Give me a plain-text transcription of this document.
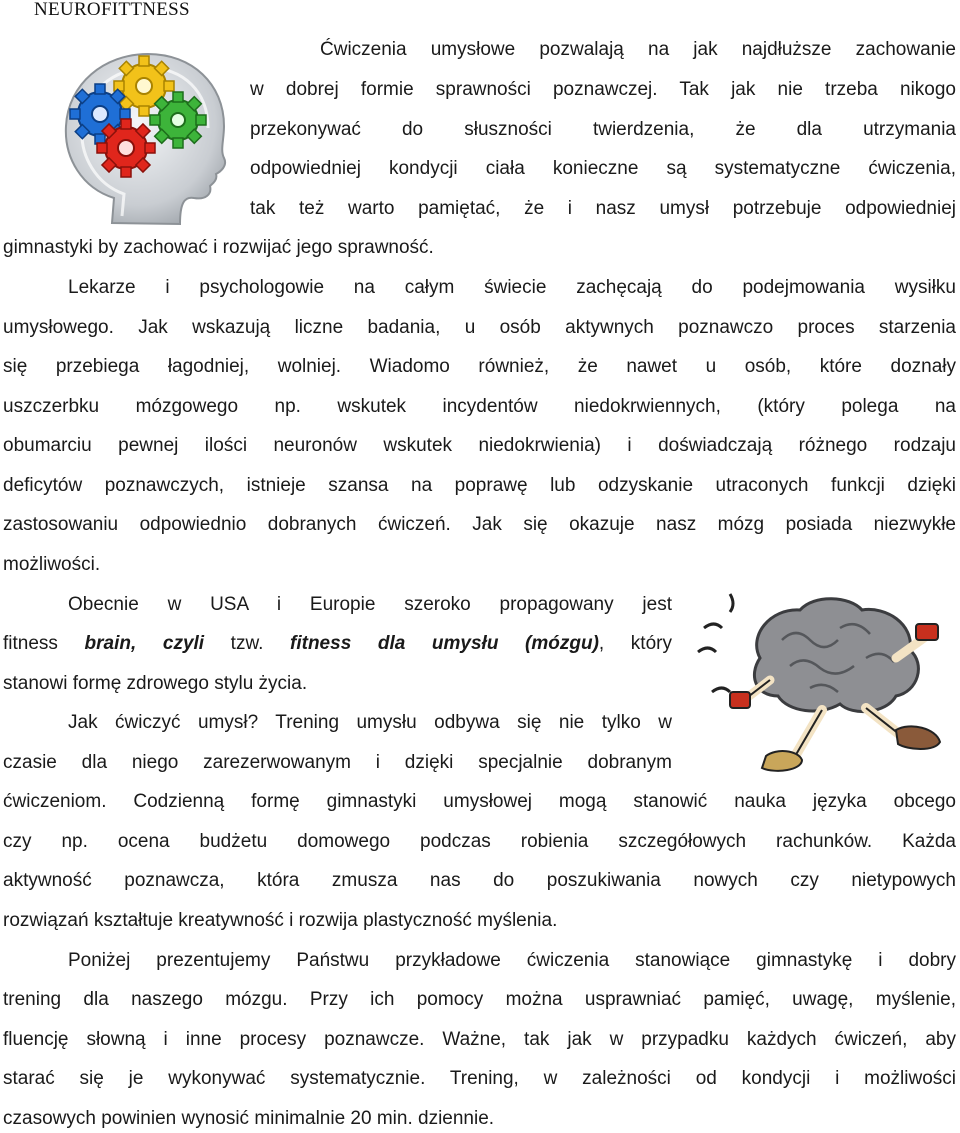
NEUROFITTNESS
Ćwiczenia umysłowe pozwalają na jak najdłuższe zachowanie
w dobrej formie sprawności poznawczej. Tak jak nie trzeba nikogo
przekonywać do słuszności twierdzenia, że dla utrzymania
odpowiedniej kondycji ciała konieczne są systematyczne ćwiczenia,
tak też warto pamiętać, że i nasz umysł potrzebuje odpowiedniej
gimnastyki by zachować i rozwijać jego sprawność.
Lekarze i psychologowie na całym świecie zachęcają do podejmowania wysiłku
umysłowego. Jak wskazują liczne badania, u osób aktywnych poznawczo proces starzenia
się przebiega łagodniej, wolniej. Wiadomo również, że nawet u osób, które doznały
uszczerbku mózgowego np. wskutek incydentów niedokrwiennych, (który polega na
obumarciu pewnej ilości neuronów wskutek niedokrwienia) i doświadczają różnego rodzaju
deficytów poznawczych, istnieje szansa na poprawę lub odzyskanie utraconych funkcji dzięki
zastosowaniu odpowiednio dobranych ćwiczeń. Jak się okazuje nasz mózg posiada niezwykłe
możliwości.
Obecnie w USA i Europie szeroko propagowany jest
fitness brain, czyli tzw. fitness dla umysłu (mózgu), który
stanowi formę zdrowego stylu życia.
Jak ćwiczyć umysł? Trening umysłu odbywa się nie tylko w
czasie dla niego zarezerwowanym i dzięki specjalnie dobranym
ćwiczeniom. Codzienną formę gimnastyki umysłowej mogą stanowić nauka języka obcego
czy np. ocena budżetu domowego podczas robienia szczegółowych rachunków. Każda
aktywność poznawcza, która zmusza nas do poszukiwania nowych czy nietypowych
rozwiązań kształtuje kreatywność i rozwija plastyczność myślenia.
Poniżej prezentujemy Państwu przykładowe ćwiczenia stanowiące gimnastykę i dobry
trening dla naszego mózgu. Przy ich pomocy można usprawniać pamięć, uwagę, myślenie,
fluencję słowną i inne procesy poznawcze. Ważne, tak jak w przypadku każdych ćwiczeń, aby
starać się je wykonywać systematycznie. Trening, w zależności od kondycji i możliwości
czasowych powinien wynosić minimalnie 20 min. dziennie.
